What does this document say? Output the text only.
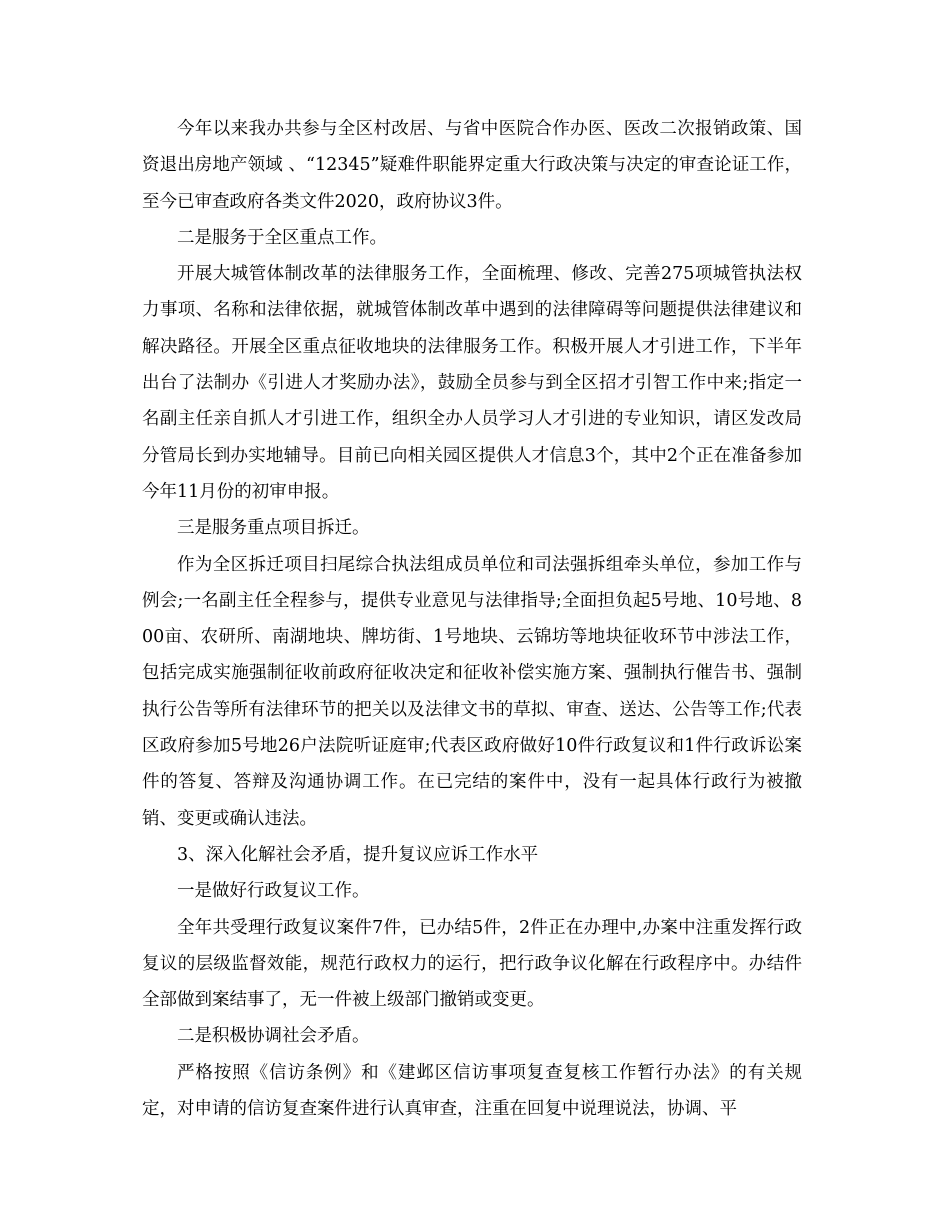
今年以来我办共参与全区村改居、与省中医院合作办医、医改二次报销政策、国资退出房地产领域 、“12345”疑难件职能界定重大行政决策与决定的审查论证工作，至今已审查政府各类文件2020，政府协议3件。

二是服务于全区重点工作。

开展大城管体制改革的法律服务工作，全面梳理、修改、完善275项城管执法权力事项、名称和法律依据，就城管体制改革中遇到的法律障碍等问题提供法律建议和解决路径。开展全区重点征收地块的法律服务工作。积极开展人才引进工作，下半年出台了法制办《引进人才奖励办法》，鼓励全员参与到全区招才引智工作中来;指定一名副主任亲自抓人才引进工作，组织全办人员学习人才引进的专业知识，请区发改局分管局长到办实地辅导。目前已向相关园区提供人才信息3个，其中2个正在准备参加今年11月份的初审申报。

三是服务重点项目拆迁。

作为全区拆迁项目扫尾综合执法组成员单位和司法强拆组牵头单位，参加工作与例会;一名副主任全程参与，提供专业意见与法律指导;全面担负起5号地、10号地、800亩、农研所、南湖地块、牌坊街、1号地块、云锦坊等地块征收环节中涉法工作，包括完成实施强制征收前政府征收决定和征收补偿实施方案、强制执行催告书、强制执行公告等所有法律环节的把关以及法律文书的草拟、审查、送达、公告等工作;代表区政府参加5号地26户法院听证庭审;代表区政府做好10件行政复议和1件行政诉讼案件的答复、答辩及沟通协调工作。在已完结的案件中，没有一起具体行政行为被撤销、变更或确认违法。

3、深入化解社会矛盾，提升复议应诉工作水平

一是做好行政复议工作。

全年共受理行政复议案件7件，已办结5件，2件正在办理中,办案中注重发挥行政复议的层级监督效能，规范行政权力的运行，把行政争议化解在行政程序中。办结件全部做到案结事了，无一件被上级部门撤销或变更。

二是积极协调社会矛盾。

严格按照《信访条例》和《建邺区信访事项复查复核工作暂行办法》的有关规定，对申请的信访复查案件进行认真审查，注重在回复中说理说法，协调、平
